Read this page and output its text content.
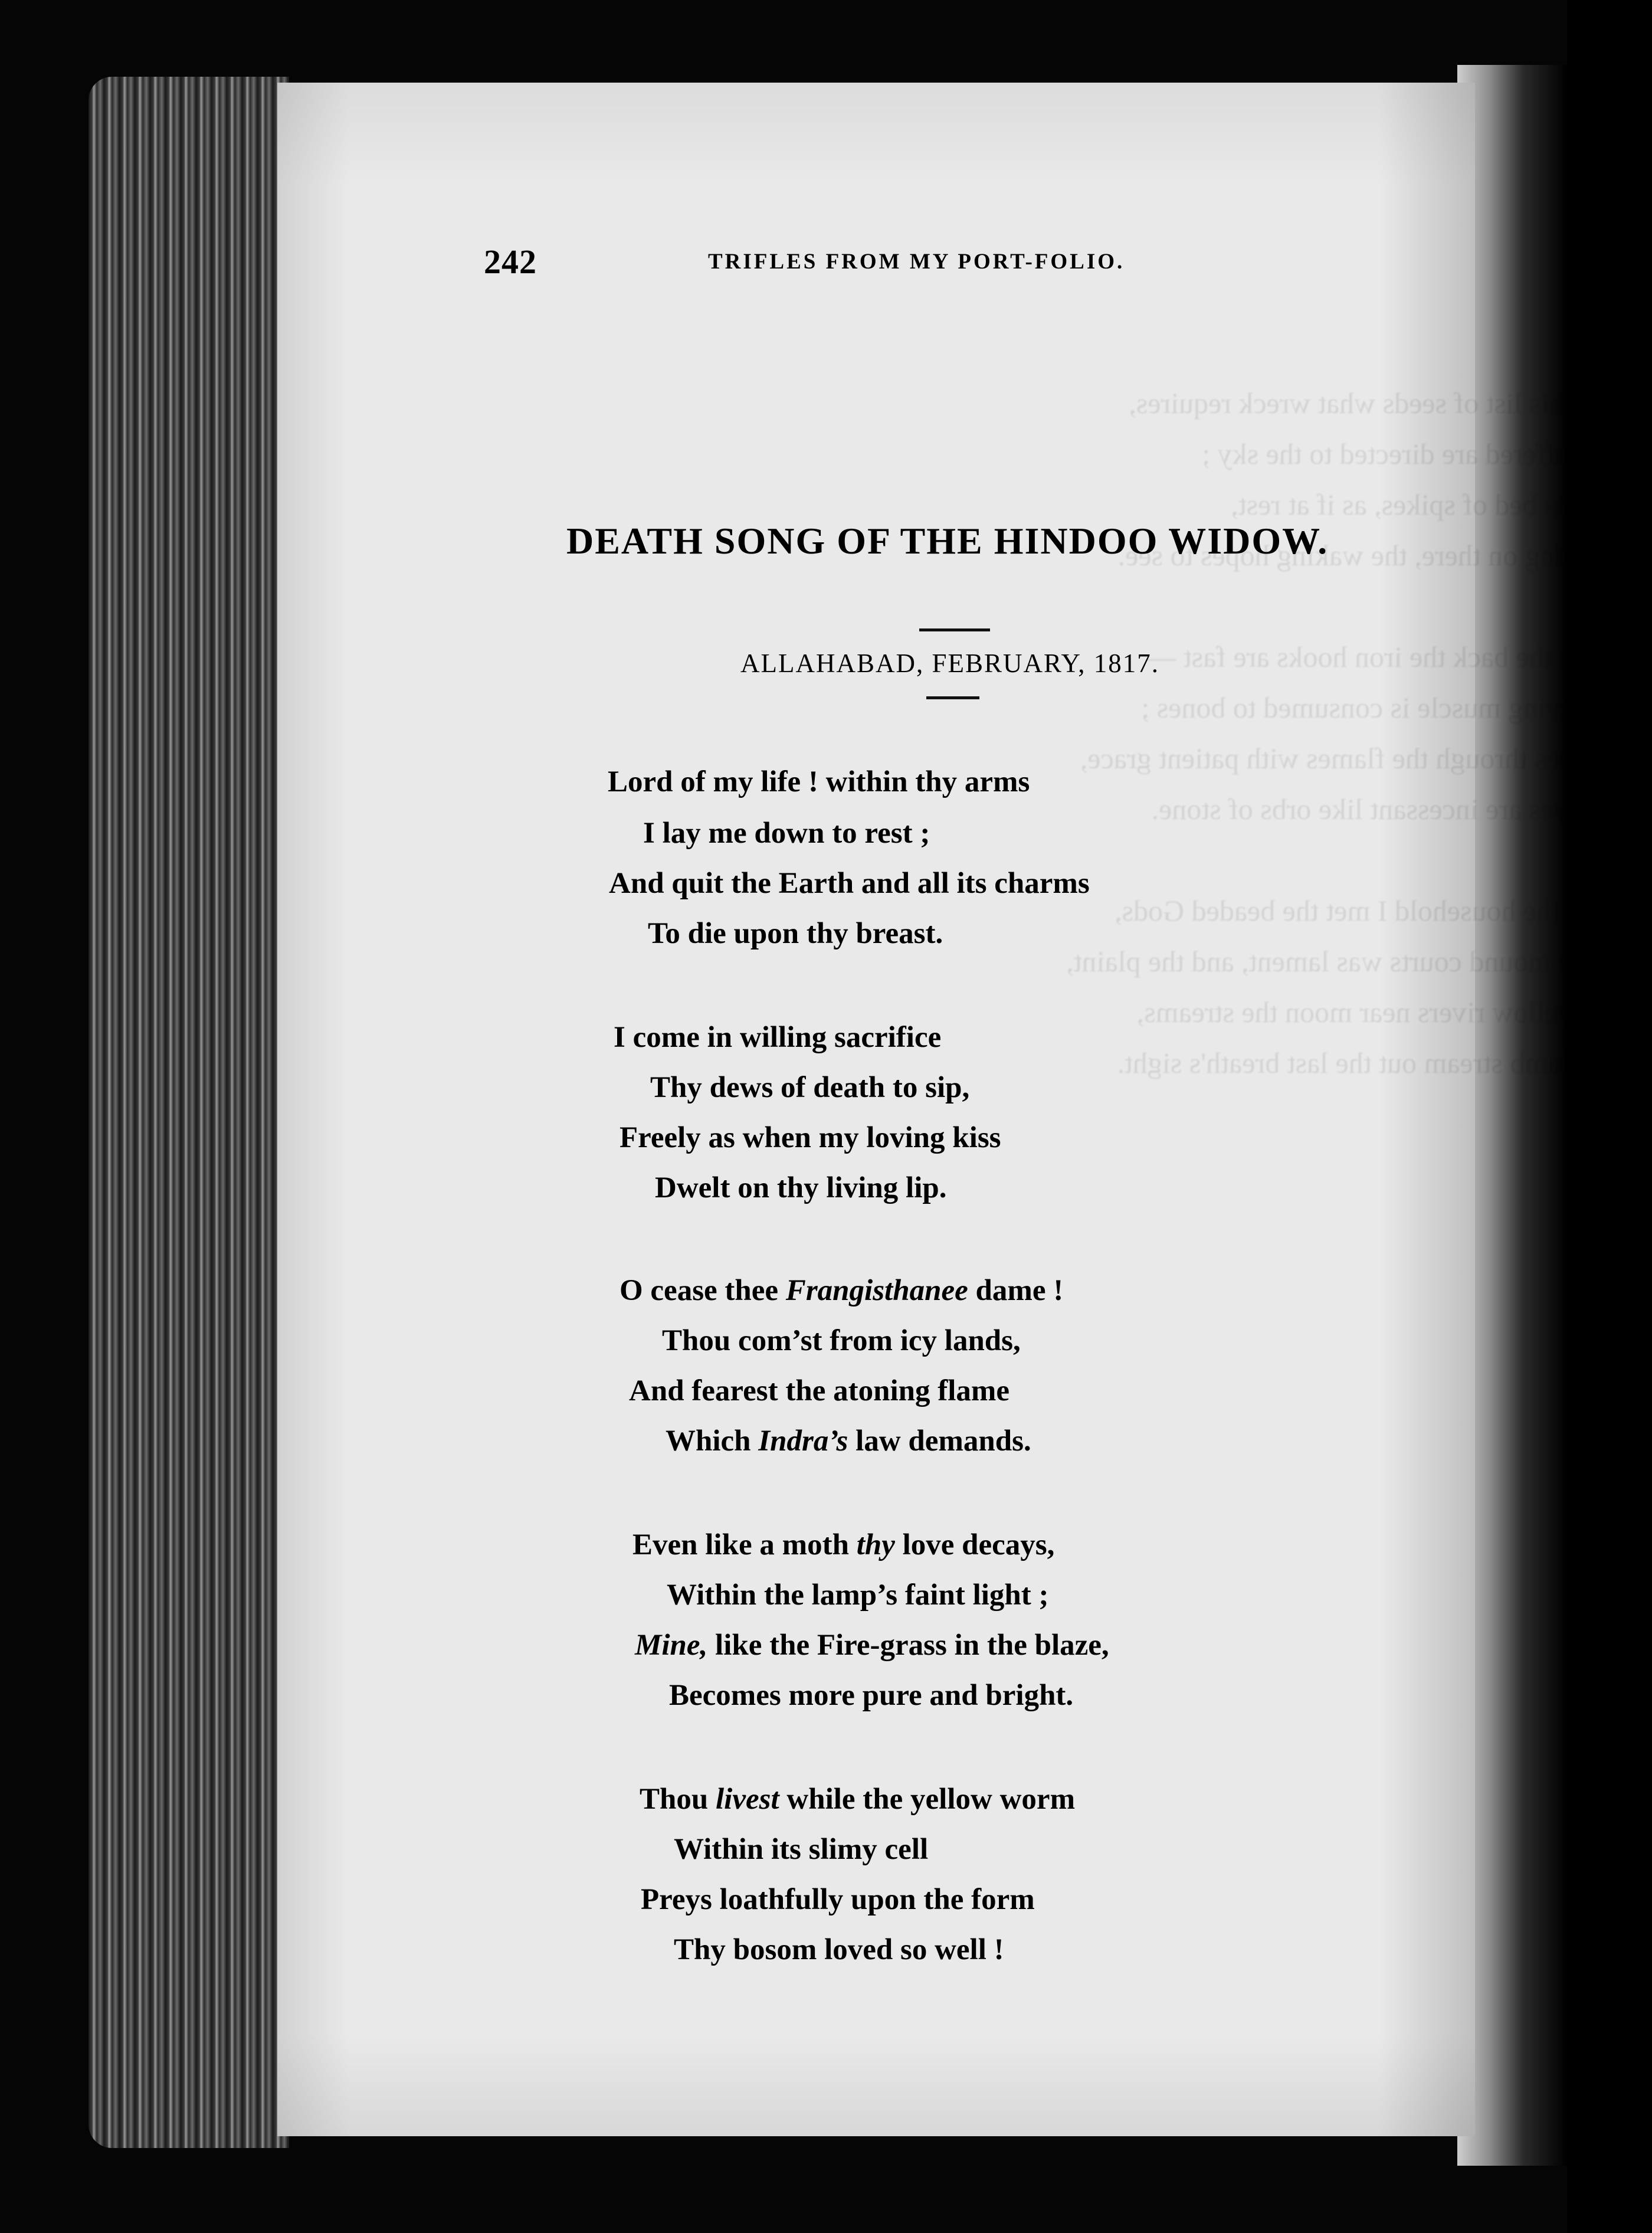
Within his list of seeds what wreck requires,
His suffered are directed to the sky ;
Upon his bed of spikes, as if at rest,
Carrying on there, the waking hopes to see.

Deep in the back the iron hooks are fast —
The living muscle is consumed to bones ;
He passes through the flames with patient grace,
His eyes are incessant like orbs of stone.

Behind the household I met the beaded Gods,
At the mound courts was lament, and the plaint,
While yellow rivers near moon the streams,
The dumb stream out the last breath's sight.
242	TRIFLES FROM MY PORT-FOLIO.
DEATH SONG OF THE HINDOO WIDOW.
ALLAHABAD, FEBRUARY, 1817.
Lord of my life ! within thy arms
I lay me down to rest ;
And quit the Earth and all its charms
To die upon thy breast.
I come in willing sacrifice
Thy dews of death to sip,
Freely as when my loving kiss
Dwelt on thy living lip.
O cease thee Frangisthanee dame !
Thou com’st from icy lands,
And fearest the atoning flame
Which Indra’s law demands.
Even like a moth thy love decays,
Within the lamp’s faint light ;
Mine, like the Fire-grass in the blaze,
Becomes more pure and bright.
Thou livest while the yellow worm
Within its slimy cell
Preys loathfully upon the form
Thy bosom loved so well !
